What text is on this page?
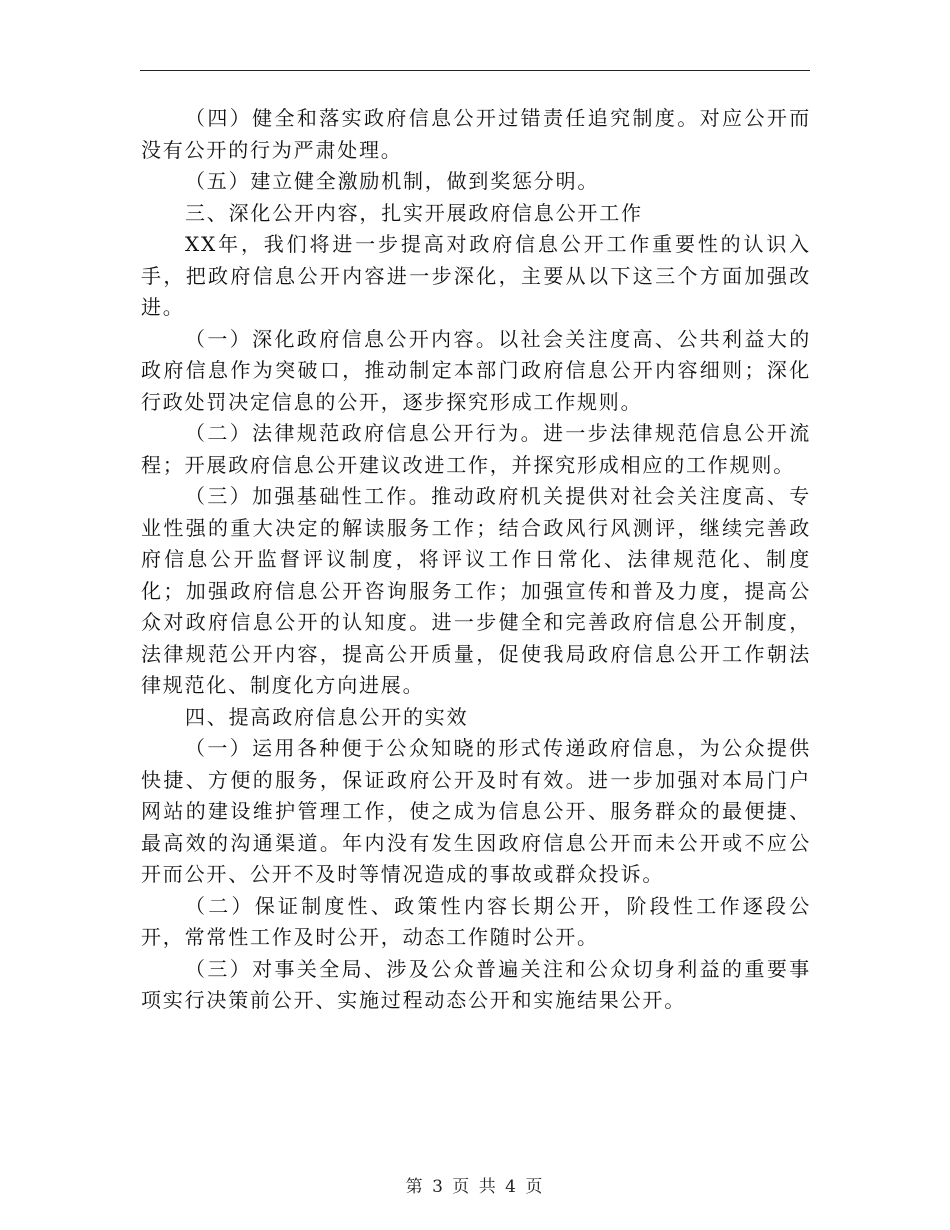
（四）健全和落实政府信息公开过错责任追究制度。对应公开而没有公开的行为严肃处理。

（五）建立健全激励机制，做到奖惩分明。

三、深化公开内容，扎实开展政府信息公开工作

XX年，我们将进一步提高对政府信息公开工作重要性的认识入手，把政府信息公开内容进一步深化，主要从以下这三个方面加强改进。

（一）深化政府信息公开内容。以社会关注度高、公共利益大的政府信息作为突破口，推动制定本部门政府信息公开内容细则；深化行政处罚决定信息的公开，逐步探究形成工作规则。

（二）法律规范政府信息公开行为。进一步法律规范信息公开流程；开展政府信息公开建议改进工作，并探究形成相应的工作规则。

（三）加强基础性工作。推动政府机关提供对社会关注度高、专业性强的重大决定的解读服务工作；结合政风行风测评，继续完善政府信息公开监督评议制度，将评议工作日常化、法律规范化、制度化；加强政府信息公开咨询服务工作；加强宣传和普及力度，提高公众对政府信息公开的认知度。进一步健全和完善政府信息公开制度，法律规范公开内容，提高公开质量，促使我局政府信息公开工作朝法律规范化、制度化方向进展。

四、提高政府信息公开的实效

（一）运用各种便于公众知晓的形式传递政府信息，为公众提供快捷、方便的服务，保证政府公开及时有效。进一步加强对本局门户网站的建设维护管理工作，使之成为信息公开、服务群众的最便捷、最高效的沟通渠道。年内没有发生因政府信息公开而未公开或不应公开而公开、公开不及时等情况造成的事故或群众投诉。

（二）保证制度性、政策性内容长期公开，阶段性工作逐段公开，常常性工作及时公开，动态工作随时公开。

（三）对事关全局、涉及公众普遍关注和公众切身利益的重要事项实行决策前公开、实施过程动态公开和实施结果公开。

第 3 页 共 4 页
